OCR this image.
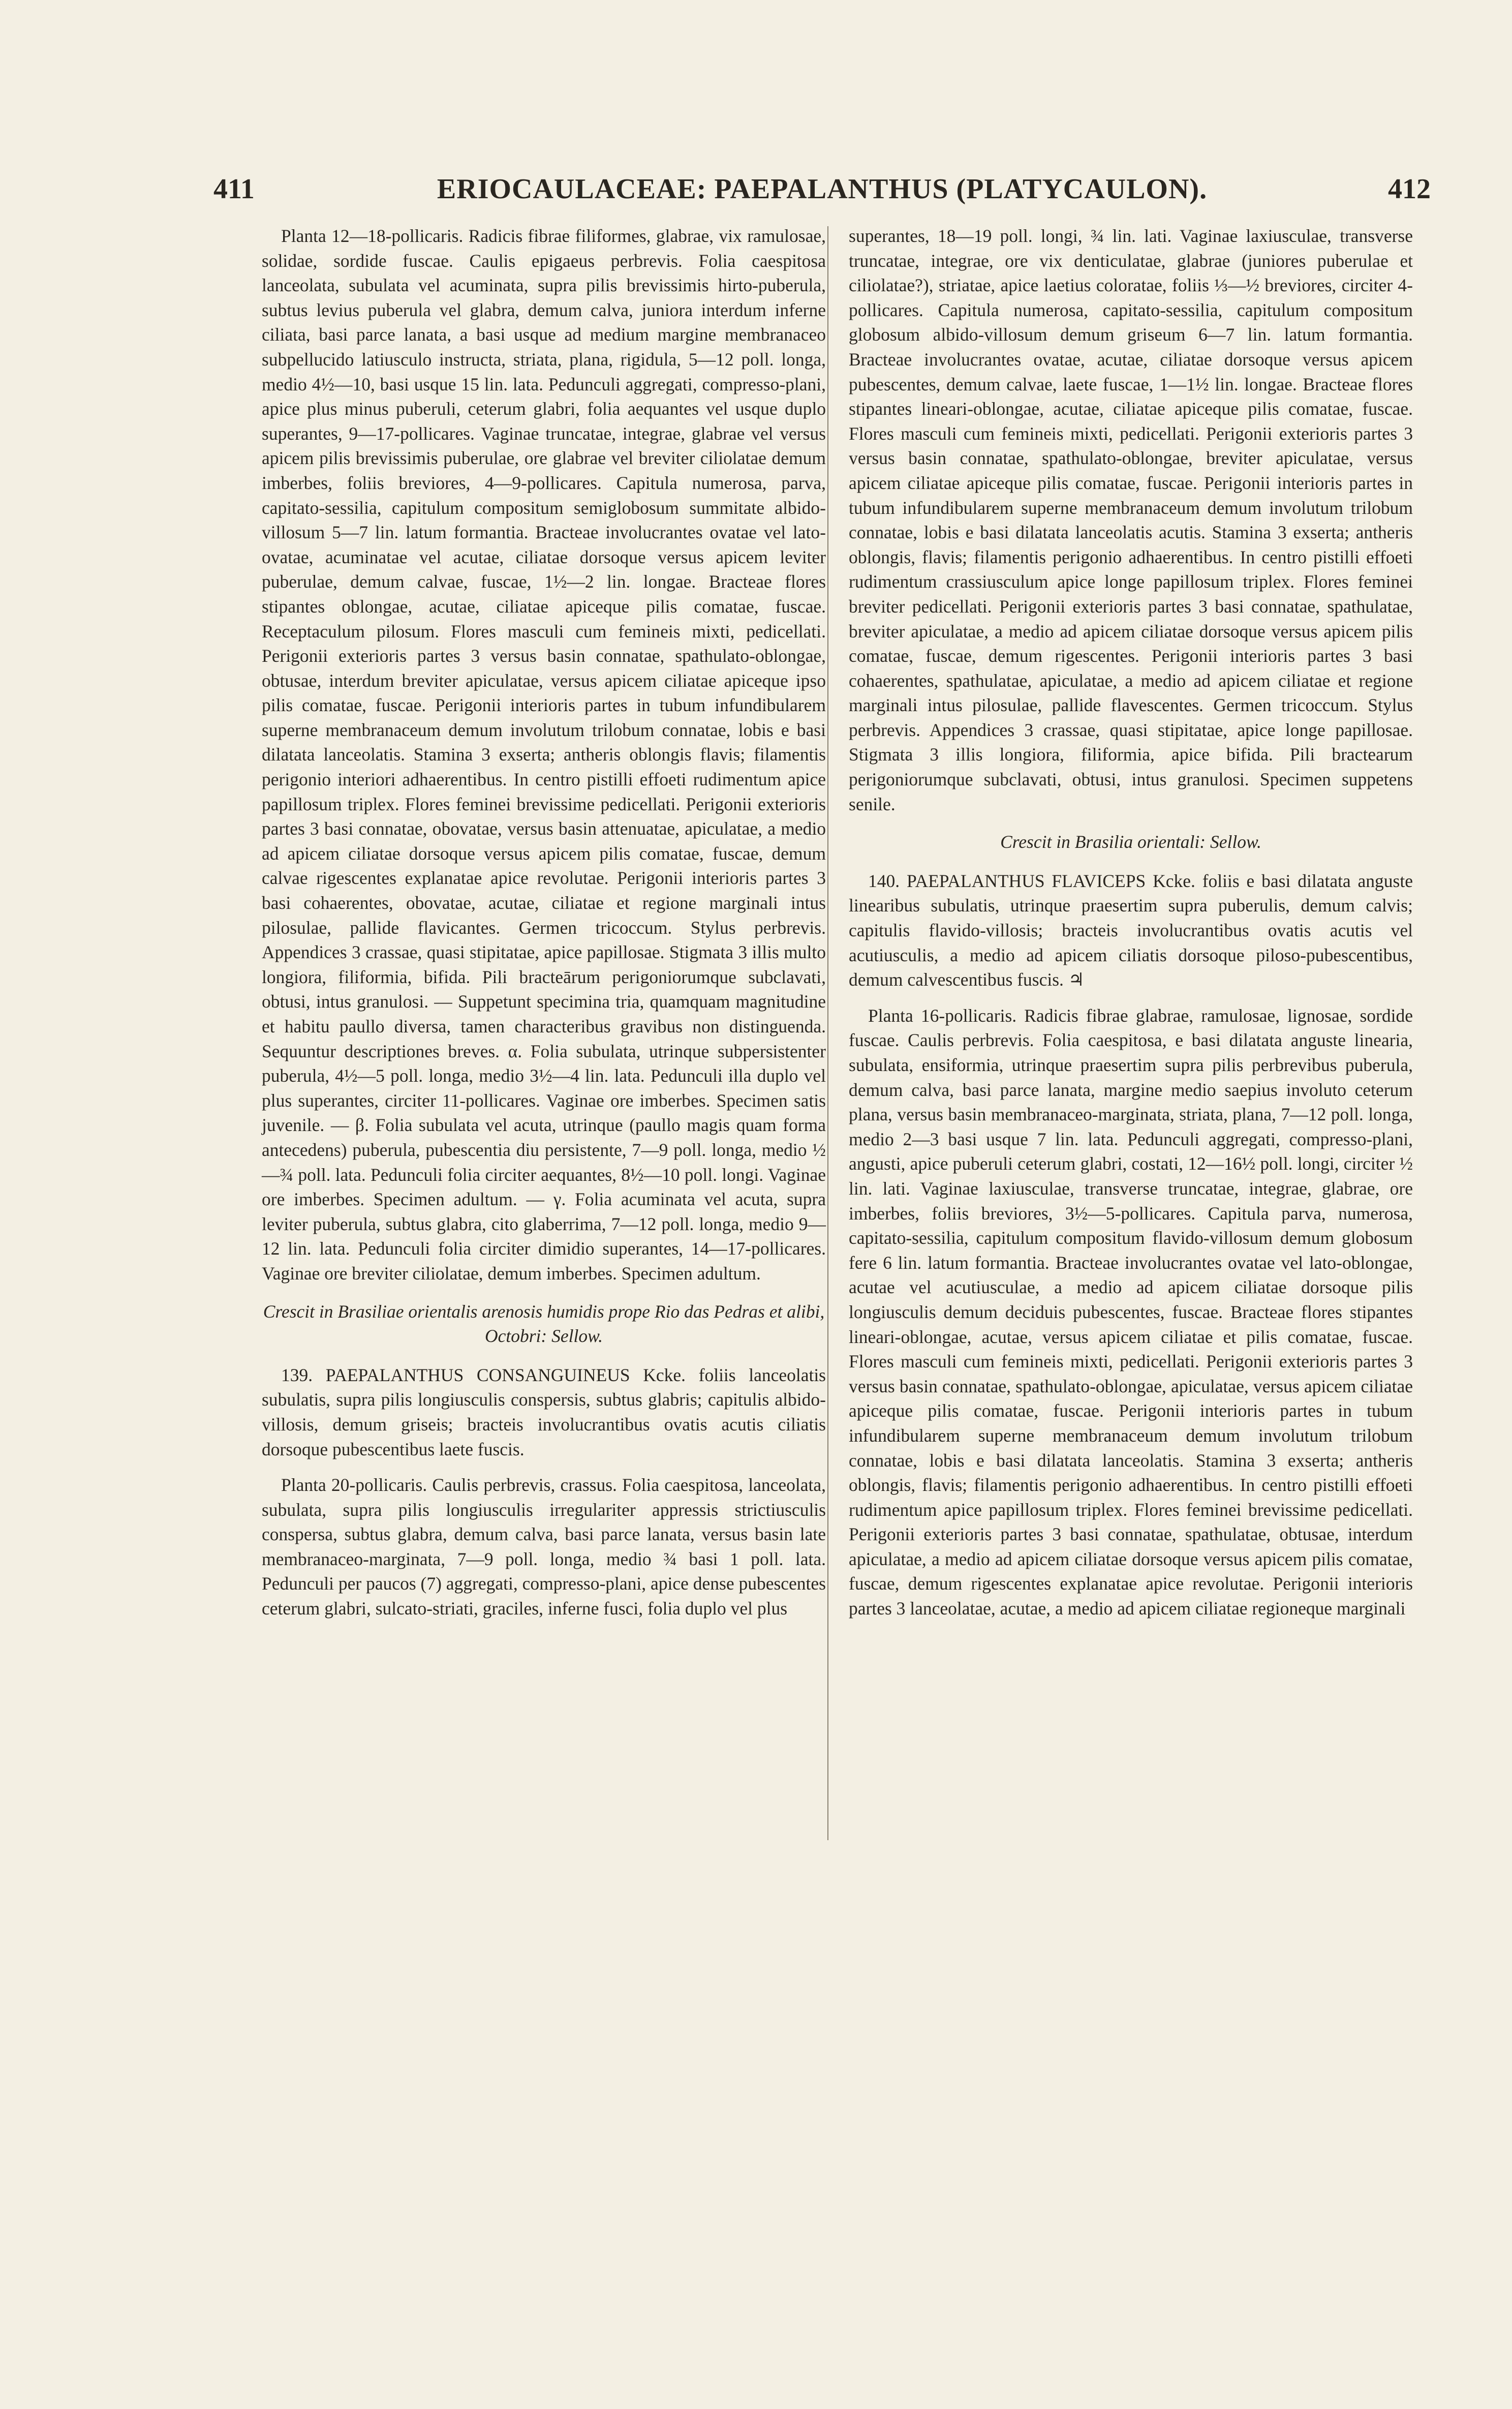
411	ERIOCAULACEAE: PAEPALANTHUS (PLATYCAULON).	412

Planta 12—18-pollicaris. Radicis fibrae filiformes, glabrae, vix ramulosae, solidae, sordide fuscae. Caulis epigaeus perbrevis. Folia caespitosa lanceolata, subulata vel acuminata, supra pilis brevissimis hirto-puberula, subtus levius puberula vel glabra, demum calva, juniora interdum inferne ciliata, basi parce lanata, a basi usque ad medium margine membranaceo subpellucido latiusculo instructa, striata, plana, rigidula, 5—12 poll. longa, medio 4½—10, basi usque 15 lin. lata. Pedunculi aggregati, compresso-plani, apice plus minus puberuli, ceterum glabri, folia aequantes vel usque duplo superantes, 9—17-pollicares. Vaginae truncatae, integrae, glabrae vel versus apicem pilis brevissimis puberulae, ore glabrae vel breviter ciliolatae demum imberbes, foliis breviores, 4—9-pollicares. Capitula numerosa, parva, capitato-sessilia, capitulum compositum semiglobosum summitate albido-villosum 5—7 lin. latum formantia. Bracteae involucrantes ovatae vel lato-ovatae, acuminatae vel acutae, ciliatae dorsoque versus apicem leviter puberulae, demum calvae, fuscae, 1½—2 lin. longae. Bracteae flores stipantes oblongae, acutae, ciliatae apiceque pilis comatae, fuscae. Receptaculum pilosum. Flores masculi cum femineis mixti, pedicellati. Perigonii exterioris partes 3 versus basin connatae, spathulato-oblongae, obtusae, interdum breviter apiculatae, versus apicem ciliatae apiceque ipso pilis comatae, fuscae. Perigonii interioris partes in tubum infundibularem superne membranaceum demum involutum trilobum connatae, lobis e basi dilatata lanceolatis. Stamina 3 exserta; antheris oblongis flavis; filamentis perigonio interiori adhaerentibus. In centro pistilli effoeti rudimentum apice papillosum triplex. Flores feminei brevissime pedicellati. Perigonii exterioris partes 3 basi connatae, obovatae, versus basin attenuatae, apiculatae, a medio ad apicem ciliatae dorsoque versus apicem pilis comatae, fuscae, demum calvae rigescentes explanatae apice revolutae. Perigonii interioris partes 3 basi cohaerentes, obovatae, acutae, ciliatae et regione marginali intus pilosulae, pallide flavicantes. Germen tricoccum. Stylus perbrevis. Appendices 3 crassae, quasi stipitatae, apice papillosae. Stigmata 3 illis multo longiora, filiformia, bifida. Pili bracteārum perigoniorumque subclavati, obtusi, intus granulosi. — Suppetunt specimina tria, quamquam magnitudine et habitu paullo diversa, tamen characteribus gravibus non distinguenda. Sequuntur descriptiones breves. α. Folia subulata, utrinque subpersistenter puberula, 4½—5 poll. longa, medio 3½—4 lin. lata. Pedunculi illa duplo vel plus superantes, circiter 11-pollicares. Vaginae ore imberbes. Specimen satis juvenile. — β. Folia subulata vel acuta, utrinque (paullo magis quam forma antecedens) puberula, pubescentia diu persistente, 7—9 poll. longa, medio ½—¾ poll. lata. Pedunculi folia circiter aequantes, 8½—10 poll. longi. Vaginae ore imberbes. Specimen adultum. — γ. Folia acuminata vel acuta, supra leviter puberula, subtus glabra, cito glaberrima, 7—12 poll. longa, medio 9—12 lin. lata. Pedunculi folia circiter dimidio superantes, 14—17-pollicares. Vaginae ore breviter ciliolatae, demum imberbes. Specimen adultum.

Crescit in Brasiliae orientalis arenosis humidis prope Rio das Pedras et alibi, Octobri: Sellow.

139. PAEPALANTHUS CONSANGUINEUS Kcke. foliis lanceolatis subulatis, supra pilis longiusculis conspersis, subtus glabris; capitulis albido-villosis, demum griseis; bracteis involucrantibus ovatis acutis ciliatis dorsoque pubescentibus laete fuscis.

Planta 20-pollicaris. Caulis perbrevis, crassus. Folia caespitosa, lanceolata, subulata, supra pilis longiusculis irregulariter appressis strictiusculis conspersa, subtus glabra, demum calva, basi parce lanata, versus basin late membranaceo-marginata, 7—9 poll. longa, medio ¾ basi 1 poll. lata. Pedunculi per paucos (7) aggregati, compresso-plani, apice dense pubescentes ceterum glabri, sulcato-striati, graciles, inferne fusci, folia duplo vel plus

superantes, 18—19 poll. longi, ¾ lin. lati. Vaginae laxiusculae, transverse truncatae, integrae, ore vix denticulatae, glabrae (juniores puberulae et ciliolatae?), striatae, apice laetius coloratae, foliis ⅓—½ breviores, circiter 4-pollicares. Capitula numerosa, capitato-sessilia, capitulum compositum globosum albido-villosum demum griseum 6—7 lin. latum formantia. Bracteae involucrantes ovatae, acutae, ciliatae dorsoque versus apicem pubescentes, demum calvae, laete fuscae, 1—1½ lin. longae. Bracteae flores stipantes lineari-oblongae, acutae, ciliatae apiceque pilis comatae, fuscae. Flores masculi cum femineis mixti, pedicellati. Perigonii exterioris partes 3 versus basin connatae, spathulato-oblongae, breviter apiculatae, versus apicem ciliatae apiceque pilis comatae, fuscae. Perigonii interioris partes in tubum infundibularem superne membranaceum demum involutum trilobum connatae, lobis e basi dilatata lanceolatis acutis. Stamina 3 exserta; antheris oblongis, flavis; filamentis perigonio adhaerentibus. In centro pistilli effoeti rudimentum crassiusculum apice longe papillosum triplex. Flores feminei breviter pedicellati. Perigonii exterioris partes 3 basi connatae, spathulatae, breviter apiculatae, a medio ad apicem ciliatae dorsoque versus apicem pilis comatae, fuscae, demum rigescentes. Perigonii interioris partes 3 basi cohaerentes, spathulatae, apiculatae, a medio ad apicem ciliatae et regione marginali intus pilosulae, pallide flavescentes. Germen tricoccum. Stylus perbrevis. Appendices 3 crassae, quasi stipitatae, apice longe papillosae. Stigmata 3 illis longiora, filiformia, apice bifida. Pili bractearum perigoniorumque subclavati, obtusi, intus granulosi. Specimen suppetens senile.

Crescit in Brasilia orientali: Sellow.

140. PAEPALANTHUS FLAVICEPS Kcke. foliis e basi dilatata anguste linearibus subulatis, utrinque praesertim supra puberulis, demum calvis; capitulis flavido-villosis; bracteis involucrantibus ovatis acutis vel acutiusculis, a medio ad apicem ciliatis dorsoque piloso-pubescentibus, demum calvescentibus fuscis. ♃

Planta 16-pollicaris. Radicis fibrae glabrae, ramulosae, lignosae, sordide fuscae. Caulis perbrevis. Folia caespitosa, e basi dilatata anguste linearia, subulata, ensiformia, utrinque praesertim supra pilis perbrevibus puberula, demum calva, basi parce lanata, margine medio saepius involuto ceterum plana, versus basin membranaceo-marginata, striata, plana, 7—12 poll. longa, medio 2—3 basi usque 7 lin. lata. Pedunculi aggregati, compresso-plani, angusti, apice puberuli ceterum glabri, costati, 12—16½ poll. longi, circiter ½ lin. lati. Vaginae laxiusculae, transverse truncatae, integrae, glabrae, ore imberbes, foliis breviores, 3½—5-pollicares. Capitula parva, numerosa, capitato-sessilia, capitulum compositum flavido-villosum demum globosum fere 6 lin. latum formantia. Bracteae involucrantes ovatae vel lato-oblongae, acutae vel acutiusculae, a medio ad apicem ciliatae dorsoque pilis longiusculis demum deciduis pubescentes, fuscae. Bracteae flores stipantes lineari-oblongae, acutae, versus apicem ciliatae et pilis comatae, fuscae. Flores masculi cum femineis mixti, pedicellati. Perigonii exterioris partes 3 versus basin connatae, spathulato-oblongae, apiculatae, versus apicem ciliatae apiceque pilis comatae, fuscae. Perigonii interioris partes in tubum infundibularem superne membranaceum demum involutum trilobum connatae, lobis e basi dilatata lanceolatis. Stamina 3 exserta; antheris oblongis, flavis; filamentis perigonio adhaerentibus. In centro pistilli effoeti rudimentum apice papillosum triplex. Flores feminei brevissime pedicellati. Perigonii exterioris partes 3 basi connatae, spathulatae, obtusae, interdum apiculatae, a medio ad apicem ciliatae dorsoque versus apicem pilis comatae, fuscae, demum rigescentes explanatae apice revolutae. Perigonii interioris partes 3 lanceolatae, acutae, a medio ad apicem ciliatae regioneque marginali
